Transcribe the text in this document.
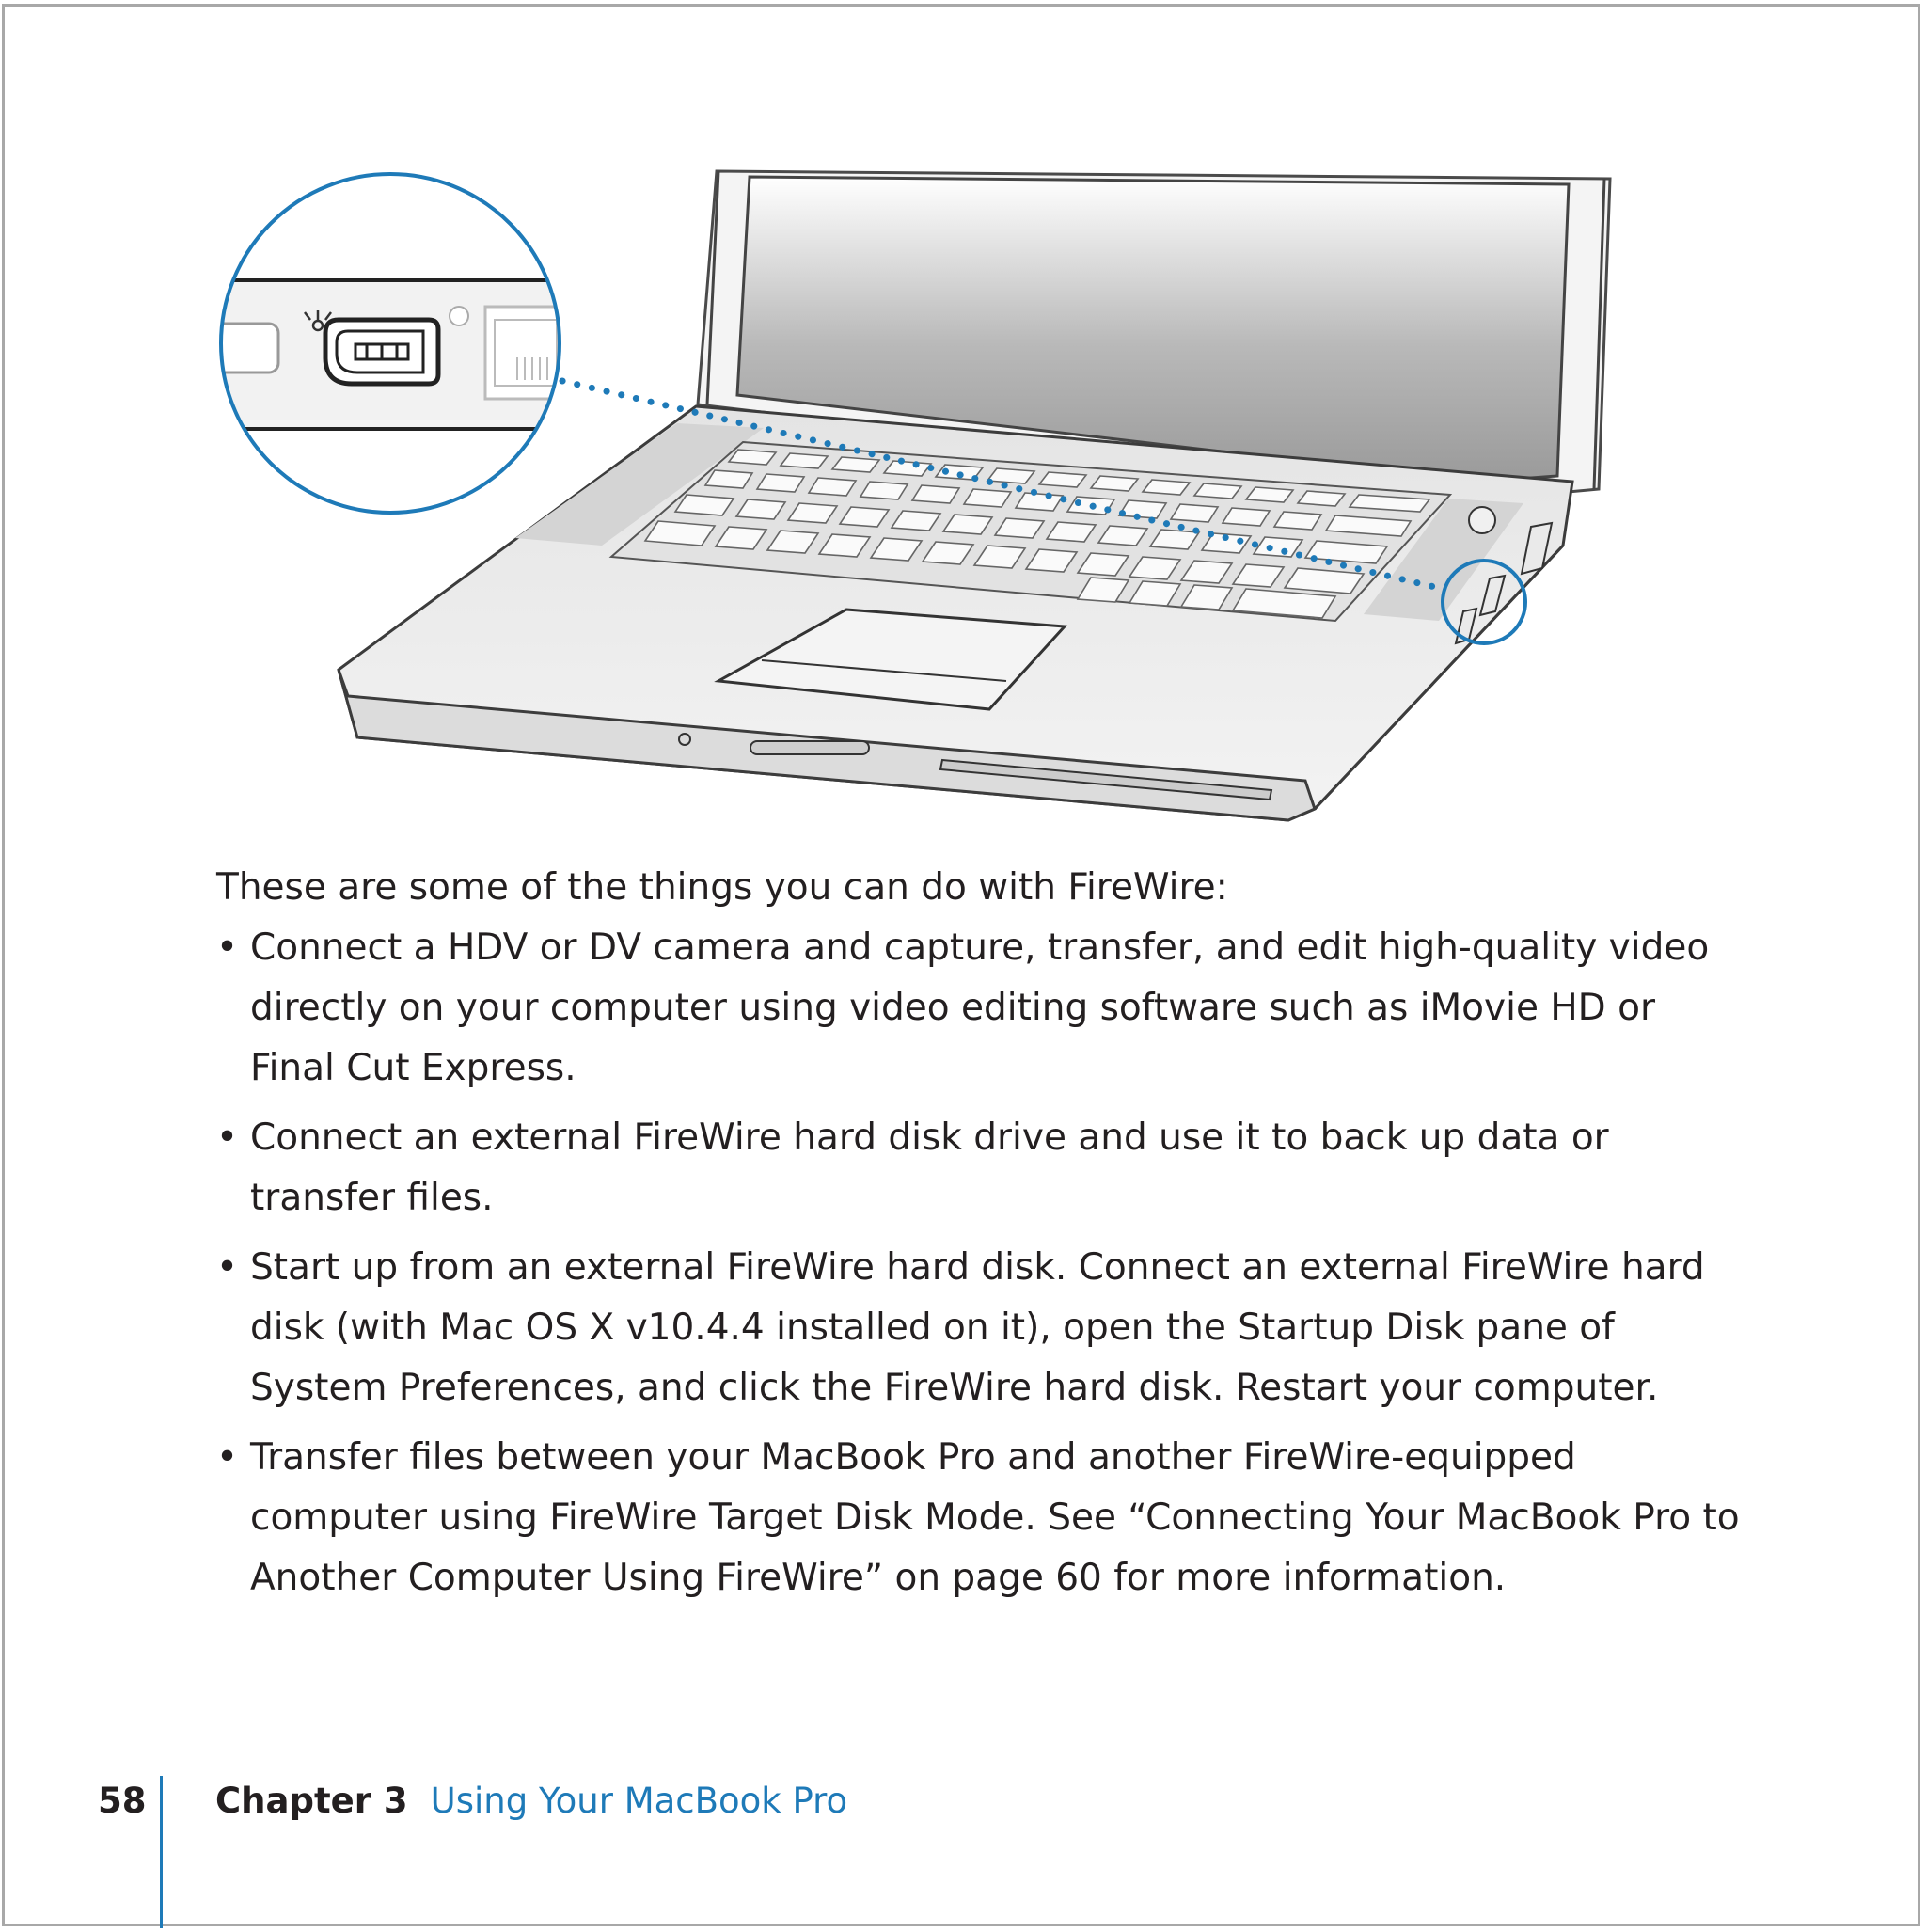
These are some of the things you can do with FireWire:

• Connect a HDV or DV camera and capture, transfer, and edit high-quality video directly on your computer using video editing software such as iMovie HD or Final Cut Express.
• Connect an external FireWire hard disk drive and use it to back up data or transfer files.
• Start up from an external FireWire hard disk. Connect an external FireWire hard disk (with Mac OS X v10.4.4 installed on it), open the Startup Disk pane of System Preferences, and click the FireWire hard disk. Restart your computer.
• Transfer files between your MacBook Pro and another FireWire-equipped computer using FireWire Target Disk Mode. See “Connecting Your MacBook Pro to Another Computer Using FireWire” on page 60 for more information.
58 Chapter 3 Using Your MacBook Pro
